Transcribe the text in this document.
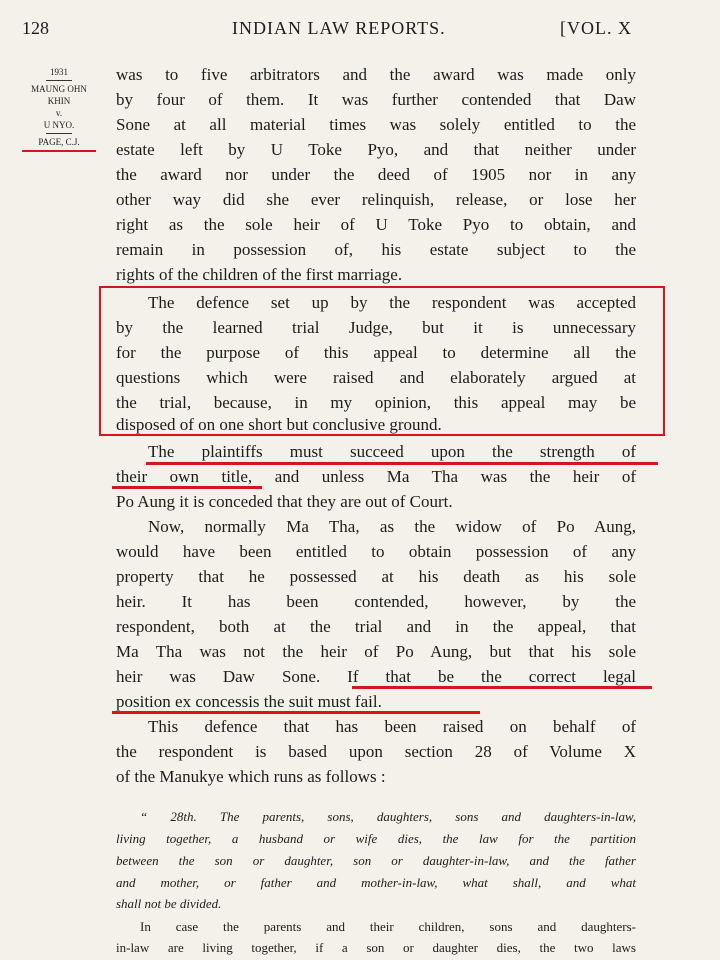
128	INDIAN LAW REPORTS.	[VOL. X
1931
MAUNG OHN
KHIN
v.
U NYO.
PAGE, C.J.
was to five arbitrators and the award was made only
by four of them. It was further contended that Daw
Sone at all material times was solely entitled to the
estate left by U Toke Pyo, and that neither under
the award nor under the deed of 1905 nor in any
other way did she ever relinquish, release, or lose her
right as the sole heir of U Toke Pyo to obtain, and
remain in possession of, his estate subject to the
rights of the children of the first marriage.
The defence set up by the respondent was accepted
by the learned trial Judge, but it is unnecessary
for the purpose of this appeal to determine all the
questions which were raised and elaborately argued at
the trial, because, in my opinion, this appeal may be
disposed of on one short but conclusive ground.
The plaintiffs must succeed upon the strength of
their own title, and unless Ma Tha was the heir of
Po Aung it is conceded that they are out of Court.
Now, normally Ma Tha, as the widow of Po Aung,
would have been entitled to obtain possession of any
property that he possessed at his death as his sole
heir. It has been contended, however, by the
respondent, both at the trial and in the appeal, that
Ma Tha was not the heir of Po Aung, but that his sole
heir was Daw Sone. If that be the correct legal
position ex concessis the suit must fail.
This defence that has been raised on behalf of
the respondent is based upon section 28 of Volume X
of the Manukye which runs as follows :
“ 28th. The parents, sons, daughters, sons and daughters-in-law,
living together, a husband or wife dies, the law for the partition
between the son or daughter, son or daughter-in-law, and the father
and mother, or father and mother-in-law, what shall, and what
shall not be divided.
In case the parents and their children, sons and daughters-
in-law are living together, if a son or daughter dies, the two laws
